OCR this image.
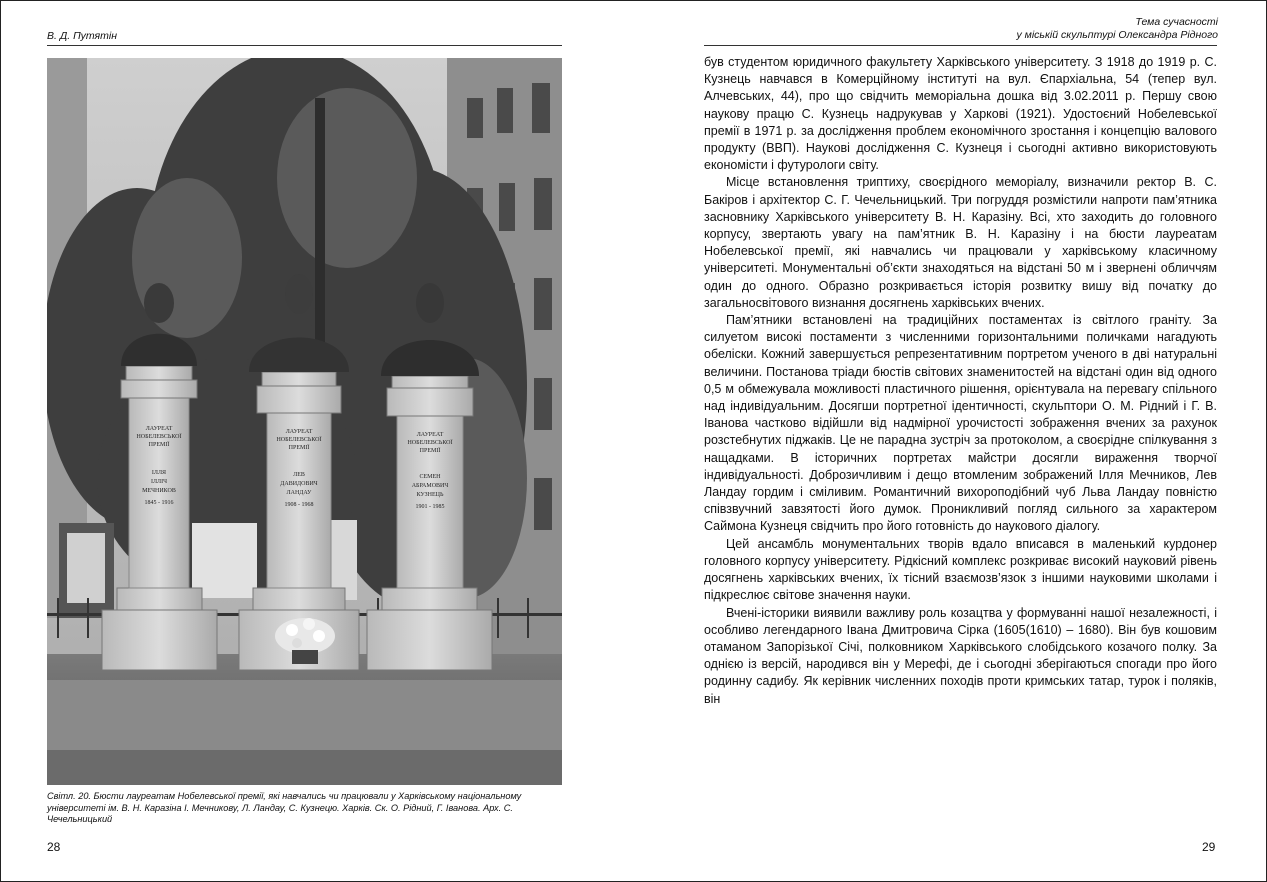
В. Д. Путятін
ЛАУРЕАТ
НОБЕЛЕВСЬКОЇ
ПРЕМІЇ
ІЛЛЯ
ІЛЛІЧ
МЕЧНИКОВ
1845 - 1916
ЛАУРЕАТ
НОБЕЛЕВСЬКОЇ
ПРЕМІЇ
ЛЕВ
ДАВИДОВИЧ
ЛАНДАУ
1908 - 1968
ЛАУРЕАТ
НОБЕЛЕВСЬКОЇ
ПРЕМІЇ
СЕМЕН
АБРАМОВИЧ
КУЗНЕЦЬ
1901 - 1985
Світл. 20. Бюсти лауреатам Нобелевської премії, які навчались чи працювали у Харківському національному університеті ім. В. Н. Каразіна І. Мечникову, Л. Ландау, С. Кузнецю. Харків. Ск. О. Рідний, Г. Іванова. Арх. С. Чечельницький
28
Тема сучасності
у міській скульптурі Олександра Рідного

був студентом юридичного факультету Харківського університету. З 1918 до 1919 р. С. Кузнець навчався в Комерційному інституті на вул. Єпархіальна, 54 (тепер вул. Алчевських, 44), про що свідчить меморіальна дошка від 3.02.2011 р. Першу свою наукову працю С. Кузнець надрукував у Харкові (1921). Удостоєний Нобелевської премії в 1971 р. за дослідження проблем економічного зростання і концепцію валового продукту (ВВП). Наукові дослідження С. Кузнеця і сьогодні активно використовують економісти і футурологи світу.

Місце встановлення триптиху, своєрідного меморіалу, визначили ректор В. С. Бакіров і архітектор С. Г. Чечельницький. Три погруддя розмістили напроти пам’ятника засновнику Харківського університету В. Н. Каразіну. Всі, хто заходить до головного корпусу, звертають увагу на пам’ятник В. Н. Каразіну і на бюсти лауреатам Нобелевської премії, які навчались чи працювали у харківському класичному університеті. Монументальні об’єкти знаходяться на відстані 50 м і звернені обличчям один до одного. Образно розкривається історія розвитку вишу від початку до загальносвітового визнання досягнень харківських вчених.

Пам’ятники встановлені на традиційних постаментах із світлого граніту. За силуетом високі постаменти з численними горизонтальними поличками нагадують обеліски. Кожний завершується репрезентативним портретом ученого в дві натуральні величини. Постанова тріади бюстів світових знаменитостей на відстані один від одного 0,5 м обмежувала можливості пластичного рішення, орієнтувала на перевагу спільного над індивідуальним. Досягши портретної ідентичності, скульптори О. М. Рідний і Г. В. Іванова частково відійшли від надмірної урочистості зображення вчених за рахунок розстебнутих піджаків. Це не парадна зустріч за протоколом, а своєрідне спілкування з нащадками. В історичних портретах майстри досягли вираження творчої індивідуальності. Доброзичливим і дещо втомленим зображений Ілля Мечников, Лев Ландау гордим і сміливим. Романтичний вихороподібний чуб Льва Ландау повністю співзвучний завзятості його думок. Проникливий погляд сильного за характером Саймона Кузнеця свідчить про його готовність до наукового діалогу.

Цей ансамбль монументальних творів вдало вписався в маленький курдонер головного корпусу університету. Рідкісний комплекс розкриває високий науковий рівень досягнень харківських вчених, їх тісний взаємозв’язок з іншими науковими школами і підкреслює світове значення науки.

Вчені-історики виявили важливу роль козацтва у формуванні нашої незалежності, і особливо легендарного Івана Дмитровича Сірка (1605(1610) – 1680). Він був кошовим отаманом Запорізької Січі, полковником Харківського слобідського козачого полку. За однією із версій, народився він у Мерефі, де і сьогодні зберігаються спогади про його родинну садибу. Як керівник численних походів проти кримських татар, турок і поляків, він

29
